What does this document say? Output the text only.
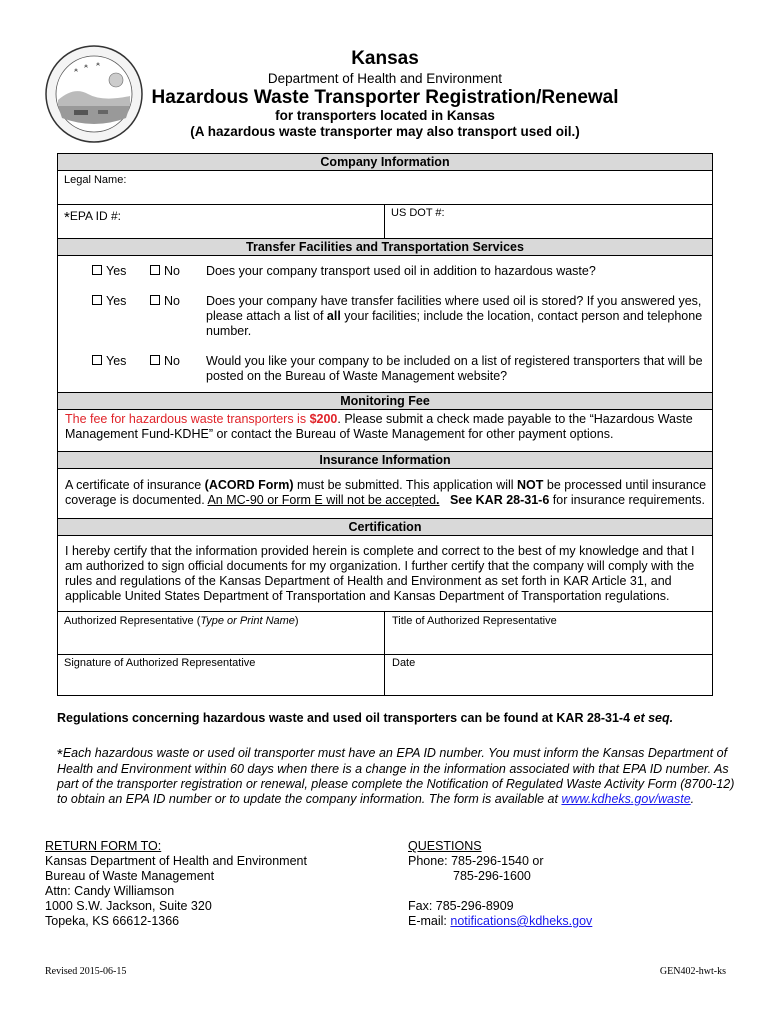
Kansas
Department of Health and Environment
Hazardous Waste Transporter Registration/Renewal
for transporters located in Kansas
(A hazardous waste transporter may also transport used oil.)
Company Information
Legal Name:
*EPA ID #:	US DOT #:
Transfer Facilities and Transportation Services
Yes	No Does your company transport used oil in addition to hazardous waste?
Yes	No Does your company have transfer facilities where used oil is stored? If you answered yes, please attach a list of all your facilities; include the location, contact person and telephone number.
Yes	No Would you like your company to be included on a list of registered transporters that will be posted on the Bureau of Waste Management website?
Monitoring Fee
The fee for hazardous waste transporters is $200. Please submit a check made payable to the “Hazardous Waste Management Fund-KDHE” or contact the Bureau of Waste Management for other payment options.
Insurance Information
A certificate of insurance (ACORD Form) must be submitted. This application will NOT be processed until insurance coverage is documented. An MC-90 or Form E will not be accepted. See KAR 28-31-6 for insurance requirements.
Certification
I hereby certify that the information provided herein is complete and correct to the best of my knowledge and that I am authorized to sign official documents for my organization. I further certify that the company will comply with the rules and regulations of the Kansas Department of Health and Environment as set forth in KAR Article 31, and applicable United States Department of Transportation and Kansas Department of Transportation regulations.
Authorized Representative (Type or Print Name)	Title of Authorized Representative
Signature of Authorized Representative	Date
Regulations concerning hazardous waste and used oil transporters can be found at KAR 28-31-4 et seq.
*Each hazardous waste or used oil transporter must have an EPA ID number. You must inform the Kansas Department of Health and Environment within 60 days when there is a change in the information associated with that EPA ID number. As part of the transporter registration or renewal, please complete the Notification of Regulated Waste Activity Form (8700-12) to obtain an EPA ID number or to update the company information. The form is available at www.kdheks.gov/waste.
RETURN FORM TO:
Kansas Department of Health and Environment
Bureau of Waste Management
Attn: Candy Williamson
1000 S.W. Jackson, Suite 320
Topeka, KS 66612-1366
QUESTIONS
Phone: 785-296-1540 or
785-296-1600
Fax: 785-296-8909
E-mail: notifications@kdheks.gov
Revised 2015-06-15	GEN402-hwt-ks
